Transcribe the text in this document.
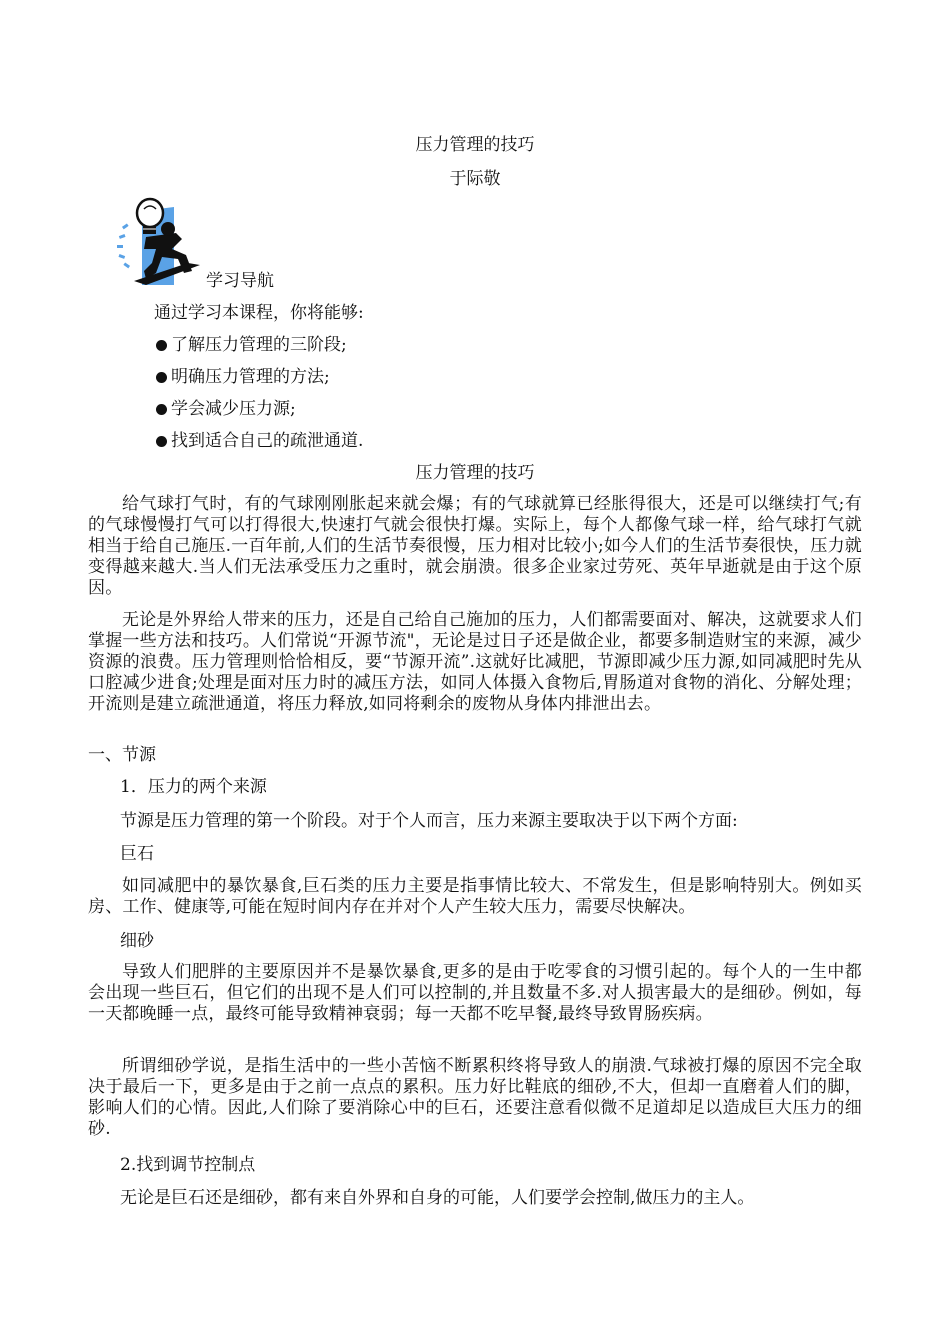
压力管理的技巧
于际敬
学习导航
通过学习本课程，你将能够:
了解压力管理的三阶段;
明确压力管理的方法;
学会减少压力源;
找到适合自己的疏泄通道.
压力管理的技巧

给气球打气时，有的气球刚刚胀起来就会爆；有的气球就算已经胀得很大，还是可以继续打气;有的气球慢慢打气可以打得很大,快速打气就会很快打爆。实际上，每个人都像气球一样，给气球打气就相当于给自己施压.一百年前,人们的生活节奏很慢，压力相对比较小;如今人们的生活节奏很快，压力就变得越来越大.当人们无法承受压力之重时，就会崩溃。很多企业家过劳死、英年早逝就是由于这个原因。

无论是外界给人带来的压力，还是自己给自己施加的压力，人们都需要面对、解决，这就要求人们掌握一些方法和技巧。人们常说“开源节流"，无论是过日子还是做企业，都要多制造财宝的来源，减少资源的浪费。压力管理则恰恰相反，要“节源开流”.这就好比减肥，节源即减少压力源,如同减肥时先从口腔减少进食;处理是面对压力时的减压方法，如同人体摄入食物后,胃肠道对食物的消化、分解处理；开流则是建立疏泄通道，将压力释放,如同将剩余的废物从身体内排泄出去。

一、节源
1．压力的两个来源
节源是压力管理的第一个阶段。对于个人而言，压力来源主要取决于以下两个方面:
巨石

如同减肥中的暴饮暴食,巨石类的压力主要是指事情比较大、不常发生，但是影响特别大。例如买房、工作、健康等,可能在短时间内存在并对个人产生较大压力，需要尽快解决。

细砂

导致人们肥胖的主要原因并不是暴饮暴食,更多的是由于吃零食的习惯引起的。每个人的一生中都会出现一些巨石，但它们的出现不是人们可以控制的,并且数量不多.对人损害最大的是细砂。例如，每一天都晚睡一点，最终可能导致精神衰弱；每一天都不吃早餐,最终导致胃肠疾病。

所谓细砂学说，是指生活中的一些小苦恼不断累积终将导致人的崩溃.气球被打爆的原因不完全取决于最后一下，更多是由于之前一点点的累积。压力好比鞋底的细砂,不大，但却一直磨着人们的脚，影响人们的心情。因此,人们除了要消除心中的巨石，还要注意看似微不足道却足以造成巨大压力的细砂.

2.找到调节控制点
无论是巨石还是细砂，都有来自外界和自身的可能，人们要学会控制,做压力的主人。
